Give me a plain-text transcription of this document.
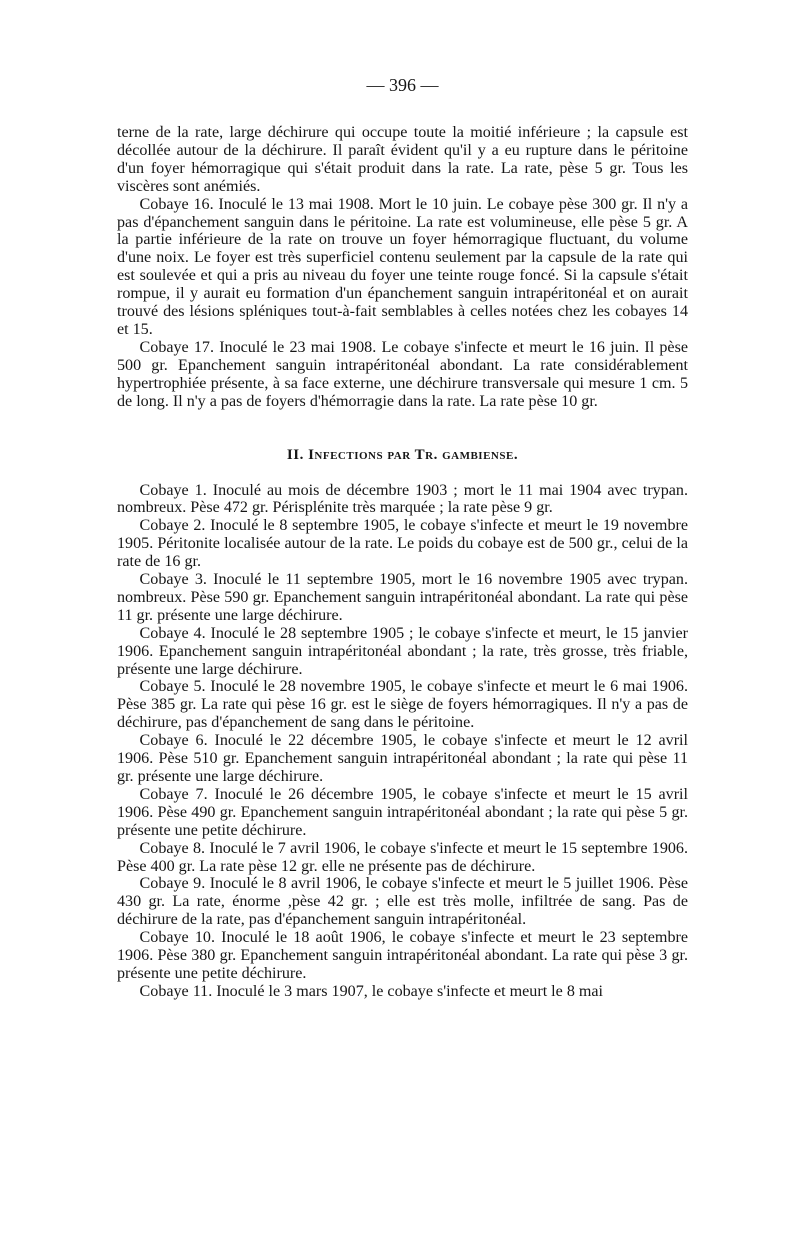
— 396 —

terne de la rate, large déchirure qui occupe toute la moitié inférieure ; la capsule est décollée autour de la déchirure. Il paraît évident qu'il y a eu rupture dans le péritoine d'un foyer hémorragique qui s'était produit dans la rate. La rate, pèse 5 gr. Tous les viscères sont anémiés.

Cobaye 16. Inoculé le 13 mai 1908. Mort le 10 juin. Le cobaye pèse 300 gr. Il n'y a pas d'épanchement sanguin dans le péritoine. La rate est volumineuse, elle pèse 5 gr. A la partie inférieure de la rate on trouve un foyer hémorragique fluctuant, du volume d'une noix. Le foyer est très superficiel contenu seulement par la capsule de la rate qui est soulevée et qui a pris au niveau du foyer une teinte rouge foncé. Si la capsule s'était rompue, il y aurait eu formation d'un épanchement sanguin intrapéritonéal et on aurait trouvé des lésions spléniques tout-à-fait semblables à celles notées chez les cobayes 14 et 15.

Cobaye 17. Inoculé le 23 mai 1908. Le cobaye s'infecte et meurt le 16 juin. Il pèse 500 gr. Epanchement sanguin intrapéritonéal abondant. La rate considérablement hypertrophiée présente, à sa face externe, une déchirure transversale qui mesure 1 cm. 5 de long. Il n'y a pas de foyers d'hémorragie dans la rate. La rate pèse 10 gr.

II. Infections par Tr. gambiense.

Cobaye 1. Inoculé au mois de décembre 1903 ; mort le 11 mai 1904 avec trypan. nombreux. Pèse 472 gr. Périsplénite très marquée ; la rate pèse 9 gr.

Cobaye 2. Inoculé le 8 septembre 1905, le cobaye s'infecte et meurt le 19 novembre 1905. Péritonite localisée autour de la rate. Le poids du cobaye est de 500 gr., celui de la rate de 16 gr.

Cobaye 3. Inoculé le 11 septembre 1905, mort le 16 novembre 1905 avec trypan. nombreux. Pèse 590 gr. Epanchement sanguin intrapéritonéal abondant. La rate qui pèse 11 gr. présente une large déchirure.

Cobaye 4. Inoculé le 28 septembre 1905 ; le cobaye s'infecte et meurt, le 15 janvier 1906. Epanchement sanguin intrapéritonéal abondant ; la rate, très grosse, très friable, présente une large déchirure.

Cobaye 5. Inoculé le 28 novembre 1905, le cobaye s'infecte et meurt le 6 mai 1906. Pèse 385 gr. La rate qui pèse 16 gr. est le siège de foyers hémorragiques. Il n'y a pas de déchirure, pas d'épanchement de sang dans le péritoine.

Cobaye 6. Inoculé le 22 décembre 1905, le cobaye s'infecte et meurt le 12 avril 1906. Pèse 510 gr. Epanchement sanguin intrapéritonéal abondant ; la rate qui pèse 11 gr. présente une large déchirure.

Cobaye 7. Inoculé le 26 décembre 1905, le cobaye s'infecte et meurt le 15 avril 1906. Pèse 490 gr. Epanchement sanguin intrapéritonéal abondant ; la rate qui pèse 5 gr. présente une petite déchirure.

Cobaye 8. Inoculé le 7 avril 1906, le cobaye s'infecte et meurt le 15 septembre 1906. Pèse 400 gr. La rate pèse 12 gr. elle ne présente pas de déchirure.

Cobaye 9. Inoculé le 8 avril 1906, le cobaye s'infecte et meurt le 5 juillet 1906. Pèse 430 gr. La rate, énorme ,pèse 42 gr. ; elle est très molle, infiltrée de sang. Pas de déchirure de la rate, pas d'épanchement sanguin intrapéritonéal.

Cobaye 10. Inoculé le 18 août 1906, le cobaye s'infecte et meurt le 23 septembre 1906. Pèse 380 gr. Epanchement sanguin intrapéritonéal abondant. La rate qui pèse 3 gr. présente une petite déchirure.

Cobaye 11. Inoculé le 3 mars 1907, le cobaye s'infecte et meurt le 8 mai
